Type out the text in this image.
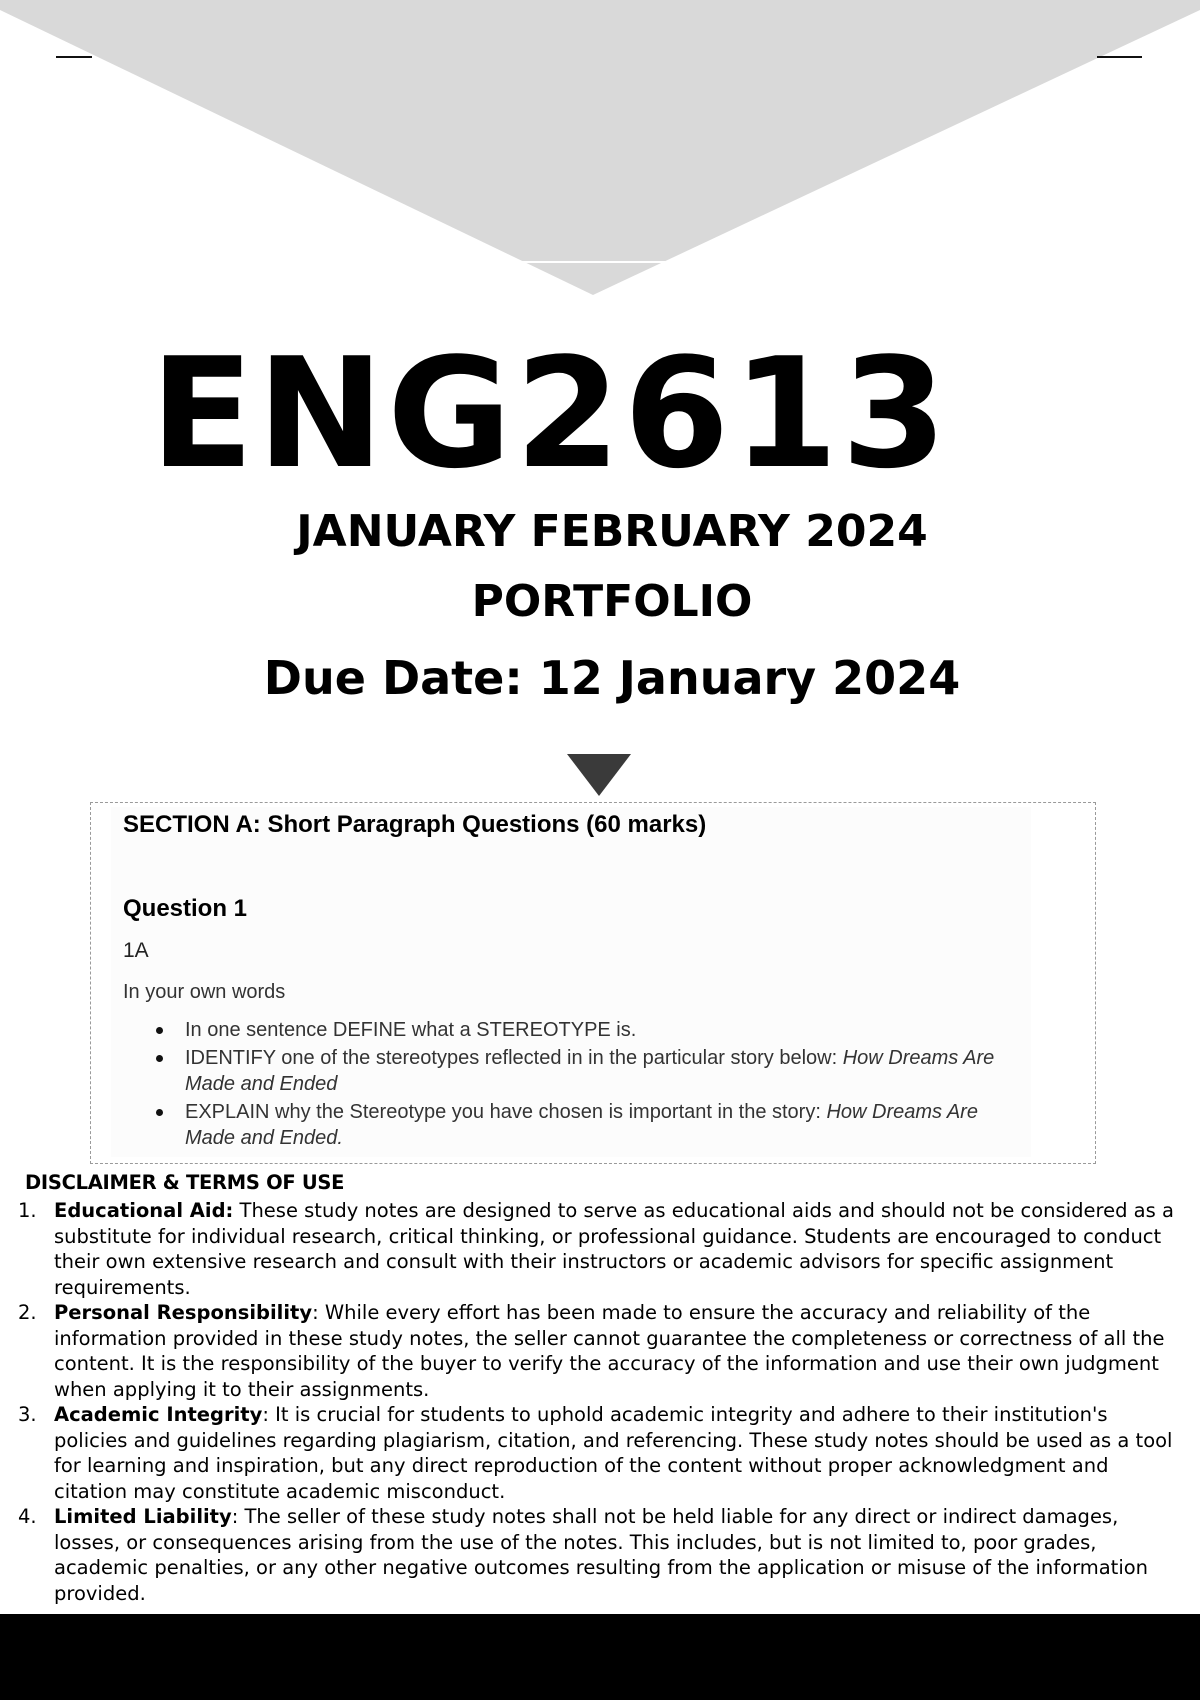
ENG2613
JANUARY FEBRUARY 2024
PORTFOLIO
Due Date: 12 January 2024
SECTION A: Short Paragraph Questions (60 marks)
Question 1
1A
In your own words
In one sentence DEFINE what a STEREOTYPE is.
IDENTIFY one of the stereotypes reflected in in the particular story below: How Dreams Are Made and Ended
EXPLAIN why the Stereotype you have chosen is important in the story: How Dreams Are Made and Ended.
DISCLAIMER & TERMS OF USE
1. Educational Aid: These study notes are designed to serve as educational aids and should not be considered as a substitute for individual research, critical thinking, or professional guidance. Students are encouraged to conduct their own extensive research and consult with their instructors or academic advisors for specific assignment requirements.
2. Personal Responsibility: While every effort has been made to ensure the accuracy and reliability of the information provided in these study notes, the seller cannot guarantee the completeness or correctness of all the content. It is the responsibility of the buyer to verify the accuracy of the information and use their own judgment when applying it to their assignments.
3. Academic Integrity: It is crucial for students to uphold academic integrity and adhere to their institution's policies and guidelines regarding plagiarism, citation, and referencing. These study notes should be used as a tool for learning and inspiration, but any direct reproduction of the content without proper acknowledgment and citation may constitute academic misconduct.
4. Limited Liability: The seller of these study notes shall not be held liable for any direct or indirect damages, losses, or consequences arising from the use of the notes. This includes, but is not limited to, poor grades, academic penalties, or any other negative outcomes resulting from the application or misuse of the information provided.
